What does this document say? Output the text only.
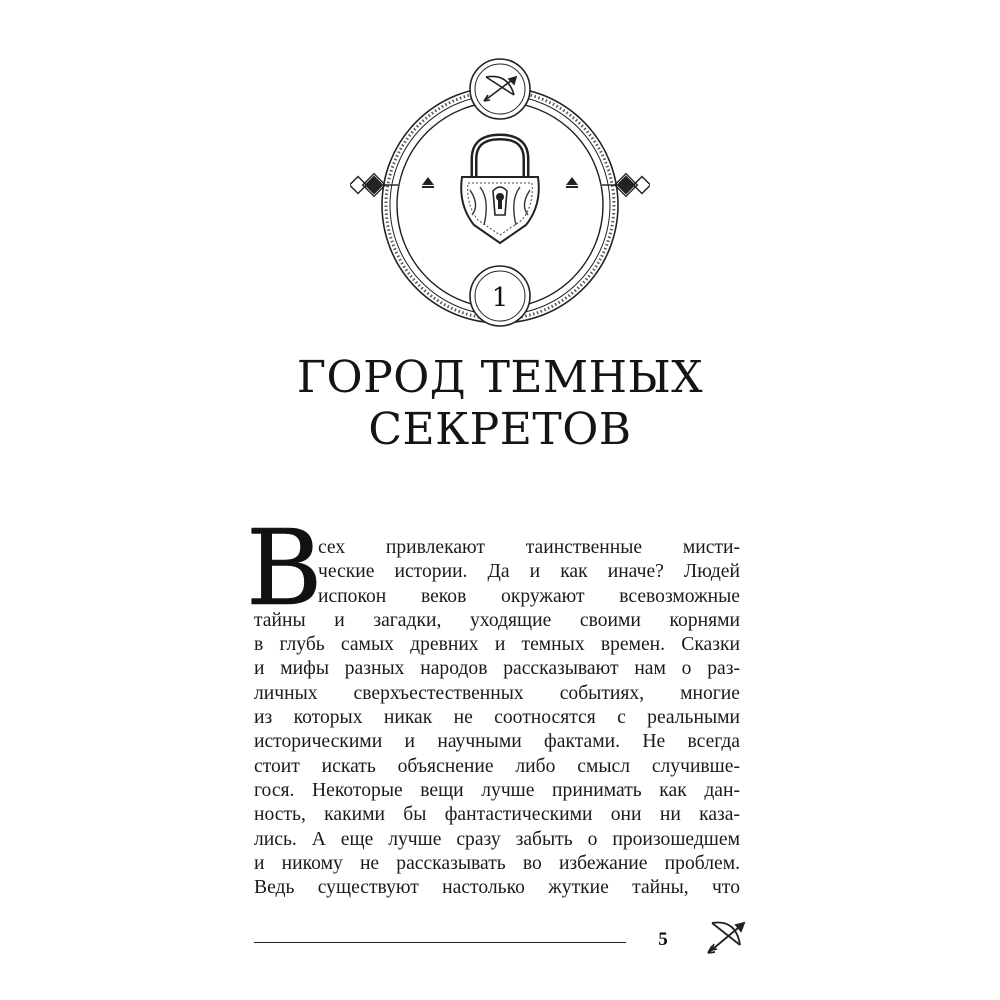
1
ГОРОД ТЕМНЫХ
СЕКРЕТОВ
В
сех привлекают таинственные мисти-
ческие истории. Да и как иначе? Людей
испокон веков окружают всевозможные
тайны и загадки, уходящие своими корнями
в глубь самых древних и темных времен. Сказки
и мифы разных народов рассказывают нам о раз-
личных сверхъестественных событиях, многие
из которых никак не соотносятся с реальными
историческими и научными фактами. Не всегда
стоит искать объяснение либо смысл случивше-
гося. Некоторые вещи лучше принимать как дан-
ность, какими бы фантастическими они ни каза-
лись. А еще лучше сразу забыть о произошедшем
и никому не рассказывать во избежание проблем.
Ведь существуют настолько жуткие тайны, что
5
